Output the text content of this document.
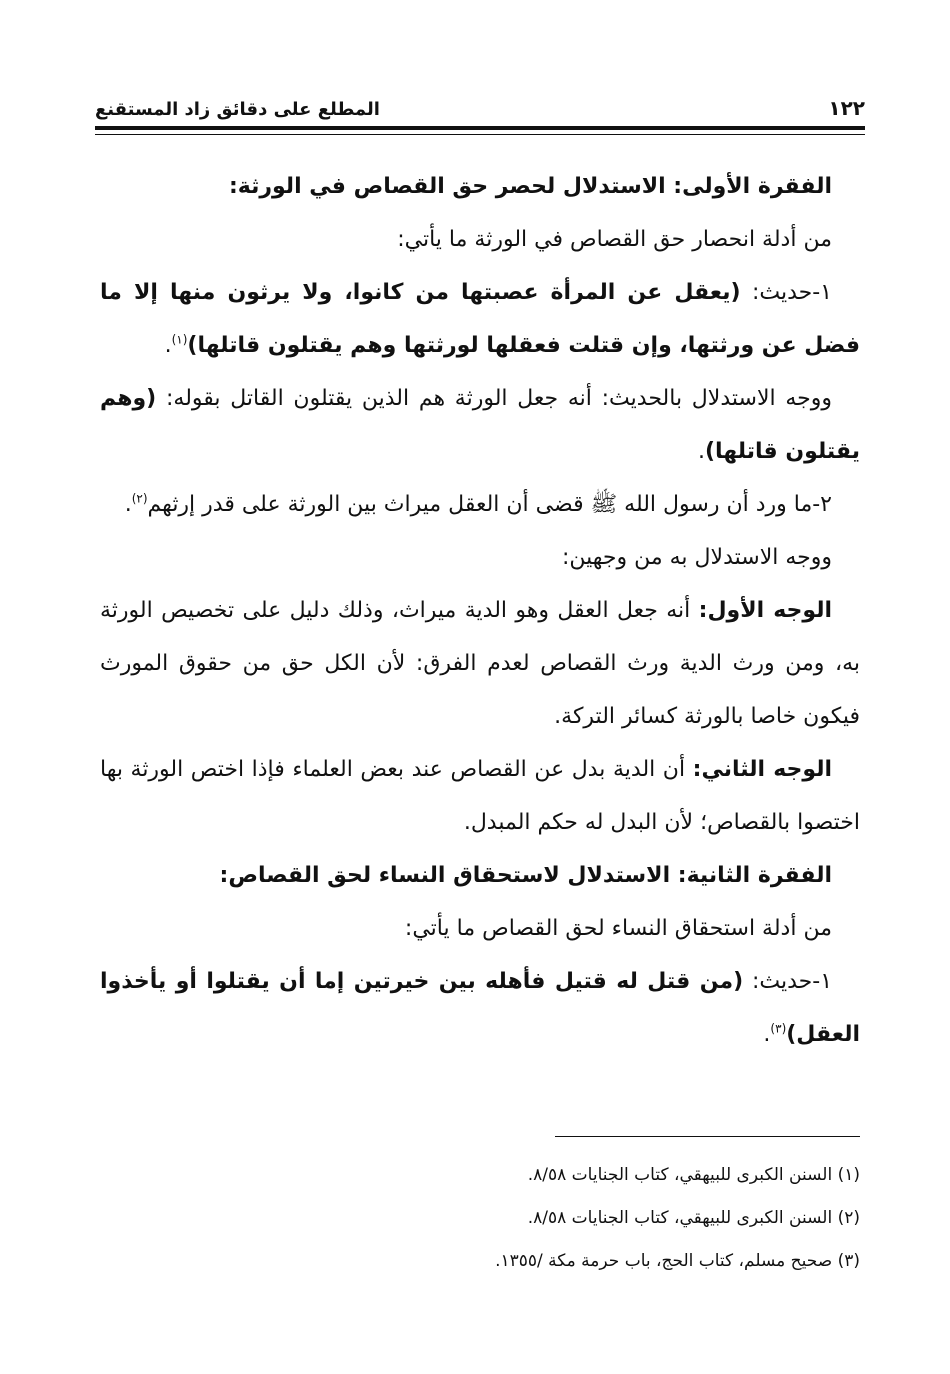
١٢٢
المطلع على دقائق زاد المستقنع

الفقرة الأولى: الاستدلال لحصر حق القصاص في الورثة:

من أدلة انحصار حق القصاص في الورثة ما يأتي:

١-حديث: (يعقل عن المرأة عصبتها من كانوا، ولا يرثون منها إلا ما فضل عن ورثتها، وإن قتلت فعقلها لورثتها وهم يقتلون قاتلها)$^{(١)}$.

ووجه الاستدلال بالحديث: أنه جعل الورثة هم الذين يقتلون القاتل بقوله: (وهم يقتلون قاتلها).

٢-ما ورد أن رسول الله ﷺ قضى أن العقل ميراث بين الورثة على قدر إرثهم$^{(٢)}$.

ووجه الاستدلال به من وجهين:

الوجه الأول: أنه جعل العقل وهو الدية ميراث، وذلك دليل على تخصيص الورثة به، ومن ورث الدية ورث القصاص لعدم الفرق: لأن الكل حق من حقوق المورث فيكون خاصا بالورثة كسائر التركة.

الوجه الثاني: أن الدية بدل عن القصاص عند بعض العلماء فإذا اختص الورثة بها اختصوا بالقصاص؛ لأن البدل له حكم المبدل.

الفقرة الثانية: الاستدلال لاستحقاق النساء لحق القصاص:

من أدلة استحقاق النساء لحق القصاص ما يأتي:

١-حديث: (من قتل له قتيل فأهله بين خيرتين إما أن يقتلوا أو يأخذوا العقل)$^{(٣)}$.

(١) السنن الكبرى للبيهقي، كتاب الجنايات ٨/٥٨.

(٢) السنن الكبرى للبيهقي، كتاب الجنايات ٨/٥٨.

(٣) صحيح مسلم، كتاب الحج، باب حرمة مكة /١٣٥٥.
